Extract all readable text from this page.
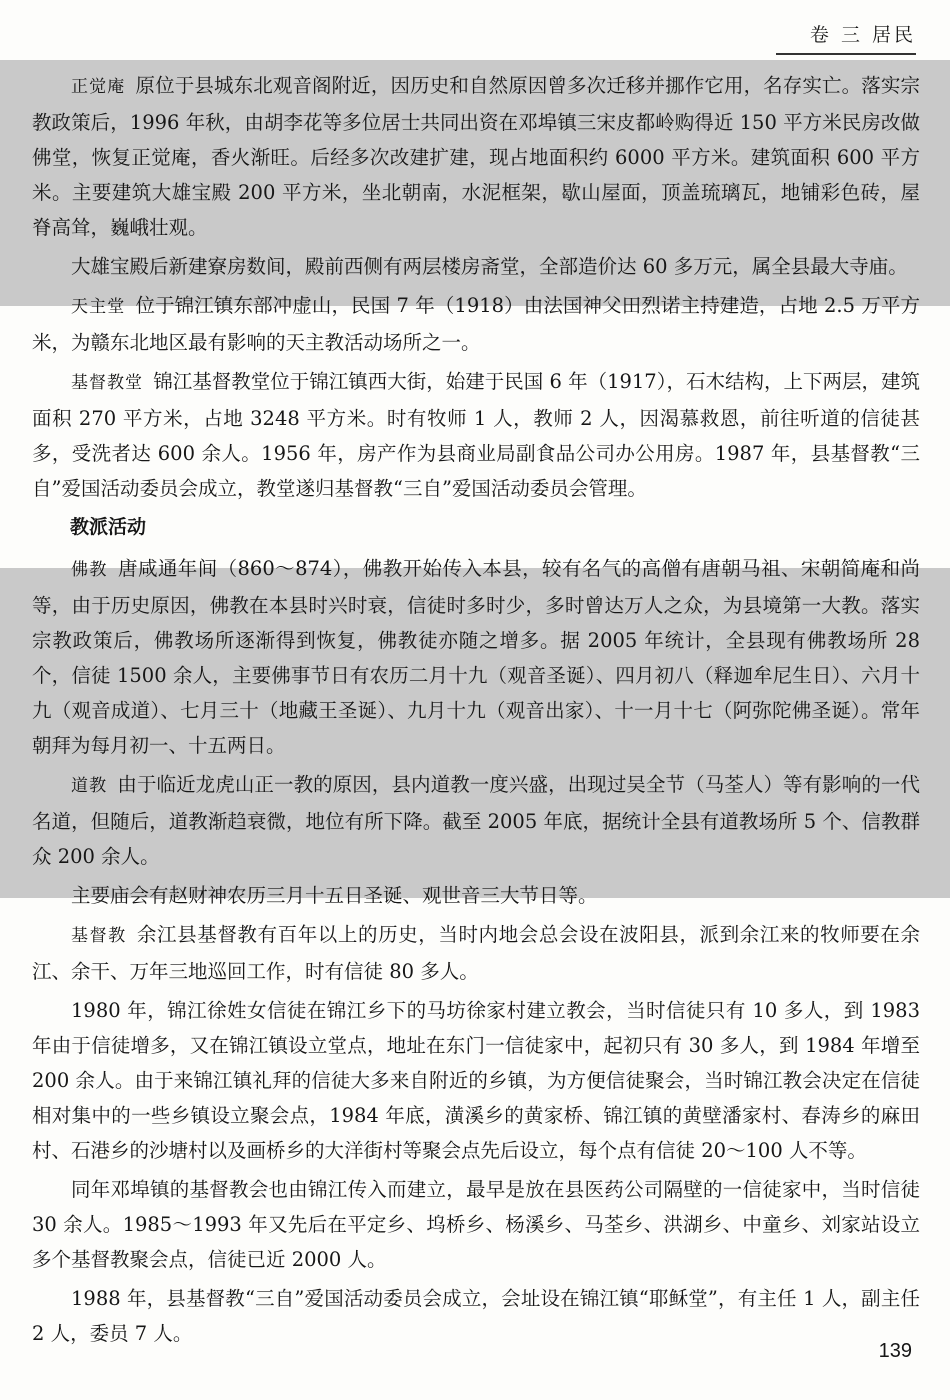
卷 三 居民

正觉庵 原位于县城东北观音阁附近，因历史和自然原因曾多次迁移并挪作它用，名存实亡。落实宗教政策后，1996 年秋，由胡李花等多位居士共同出资在邓埠镇三宋皮都岭购得近 150 平方米民房改做佛堂，恢复正觉庵，香火渐旺。后经多次改建扩建，现占地面积约 6000 平方米。建筑面积 600 平方米。主要建筑大雄宝殿 200 平方米，坐北朝南，水泥框架，歇山屋面，顶盖琉璃瓦，地铺彩色砖，屋脊高耸，巍峨壮观。

大雄宝殿后新建寮房数间，殿前西侧有两层楼房斋堂，全部造价达 60 多万元，属全县最大寺庙。

天主堂 位于锦江镇东部冲虚山，民国 7 年（1918）由法国神父田烈诺主持建造，占地 2.5 万平方米，为赣东北地区最有影响的天主教活动场所之一。

基督教堂 锦江基督教堂位于锦江镇西大街，始建于民国 6 年（1917），石木结构，上下两层，建筑面积 270 平方米，占地 3248 平方米。时有牧师 1 人，教师 2 人，因渴慕救恩，前往听道的信徒甚多，受洗者达 600 余人。1956 年，房产作为县商业局副食品公司办公用房。1987 年，县基督教“三自”爱国活动委员会成立，教堂遂归基督教“三自”爱国活动委员会管理。

教派活动

佛教 唐咸通年间（860～874），佛教开始传入本县，较有名气的高僧有唐朝马祖、宋朝简庵和尚等，由于历史原因，佛教在本县时兴时衰，信徒时多时少，多时曾达万人之众，为县境第一大教。落实宗教政策后，佛教场所逐渐得到恢复，佛教徒亦随之增多。据 2005 年统计，全县现有佛教场所 28 个，信徒 1500 余人，主要佛事节日有农历二月十九（观音圣诞）、四月初八（释迦牟尼生日）、六月十九（观音成道）、七月三十（地藏王圣诞）、九月十九（观音出家）、十一月十七（阿弥陀佛圣诞）。常年朝拜为每月初一、十五两日。

道教 由于临近龙虎山正一教的原因，县内道教一度兴盛，出现过吴全节（马荃人）等有影响的一代名道，但随后，道教渐趋衰微，地位有所下降。截至 2005 年底，据统计全县有道教场所 5 个、信教群众 200 余人。

主要庙会有赵财神农历三月十五日圣诞、观世音三大节日等。

基督教 余江县基督教有百年以上的历史，当时内地会总会设在波阳县，派到余江来的牧师要在余江、余干、万年三地巡回工作，时有信徒 80 多人。

1980 年，锦江徐姓女信徒在锦江乡下的马坊徐家村建立教会，当时信徒只有 10 多人，到 1983 年由于信徒增多，又在锦江镇设立堂点，地址在东门一信徒家中，起初只有 30 多人，到 1984 年增至 200 余人。由于来锦江镇礼拜的信徒大多来自附近的乡镇，为方便信徒聚会，当时锦江教会决定在信徒相对集中的一些乡镇设立聚会点，1984 年底，潢溪乡的黄家桥、锦江镇的黄壁潘家村、春涛乡的麻田村、石港乡的沙塘村以及画桥乡的大洋街村等聚会点先后设立，每个点有信徒 20～100 人不等。

同年邓埠镇的基督教会也由锦江传入而建立，最早是放在县医药公司隔壁的一信徒家中，当时信徒 30 余人。1985～1993 年又先后在平定乡、坞桥乡、杨溪乡、马荃乡、洪湖乡、中童乡、刘家站设立多个基督教聚会点，信徒已近 2000 人。

1988 年，县基督教“三自”爱国活动委员会成立，会址设在锦江镇“耶稣堂”，有主任 1 人，副主任 2 人，委员 7 人。

139
